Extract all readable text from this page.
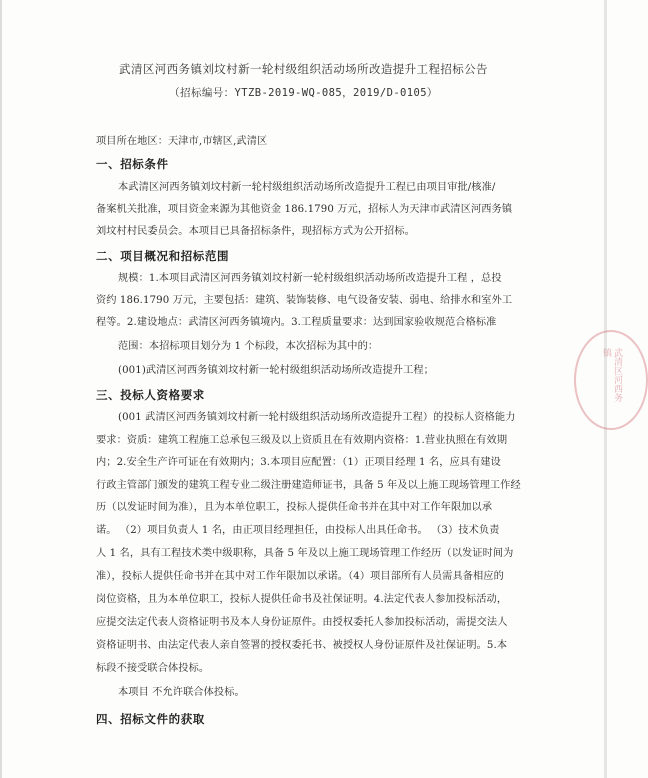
武清区河西务镇刘坟村新一轮村级组织活动场所改造提升工程招标公告
（招标编号：YTZB-2019-WQ-085，2019/D-0105）
项目所在地区：天津市,市辖区,武清区
一、招标条件
本武清区河西务镇刘坟村新一轮村级组织活动场所改造提升工程已由项目审批/核准/
备案机关批准，项目资金来源为其他资金 186.1790 万元，招标人为天津市武清区河西务镇
刘坟村村民委员会。本项目已具备招标条件，现招标方式为公开招标。
二、项目概况和招标范围
规模：1.本项目武清区河西务镇刘坟村新一轮村级组织活动场所改造提升工程 ，总投
资约 186.1790 万元，主要包括：建筑、装饰装修、电气设备安装、弱电、给排水和室外工
程等。2.建设地点：武清区河西务镇境内。3.工程质量要求：达到国家验收规范合格标准
范围：本招标项目划分为 1 个标段，本次招标为其中的：
(001)武清区河西务镇刘坟村新一轮村级组织活动场所改造提升工程；
三、投标人资格要求
(001 武清区河西务镇刘坟村新一轮村级组织活动场所改造提升工程）的投标人资格能力
要求：资质：建筑工程施工总承包三级及以上资质且在有效期内资格：1.营业执照在有效期
内；2.安全生产许可证在有效期内；3.本项目应配置：（1）正项目经理 1 名，应具有建设
行政主管部门颁发的建筑工程专业二级注册建造师证书，具备 5 年及以上施工现场管理工作经
历（以发证时间为准），且为本单位职工，投标人提供任命书并在其中对工作年限加以承
诺。 （2）项目负责人 1 名，由正项目经理担任，由投标人出具任命书。 （3）技术负责
人 1 名，具有工程技术类中级职称，具备 5 年及以上施工现场管理工作经历（以发证时间为
准），投标人提供任命书并在其中对工作年限加以承诺。（4）项目部所有人员需具备相应的
岗位资格，且为本单位职工，投标人提供任命书及社保证明。4.法定代表人参加投标活动，
应提交法定代表人资格证明书及本人身份证原件。由授权委托人参加投标活动，需提交法人
资格证明书、由法定代表人亲自签署的授权委托书、被授权人身份证原件及社保证明。5.本
标段不接受联合体投标。
本项目 不允许联合体投标。
四、招标文件的获取
武清区河西务镇
